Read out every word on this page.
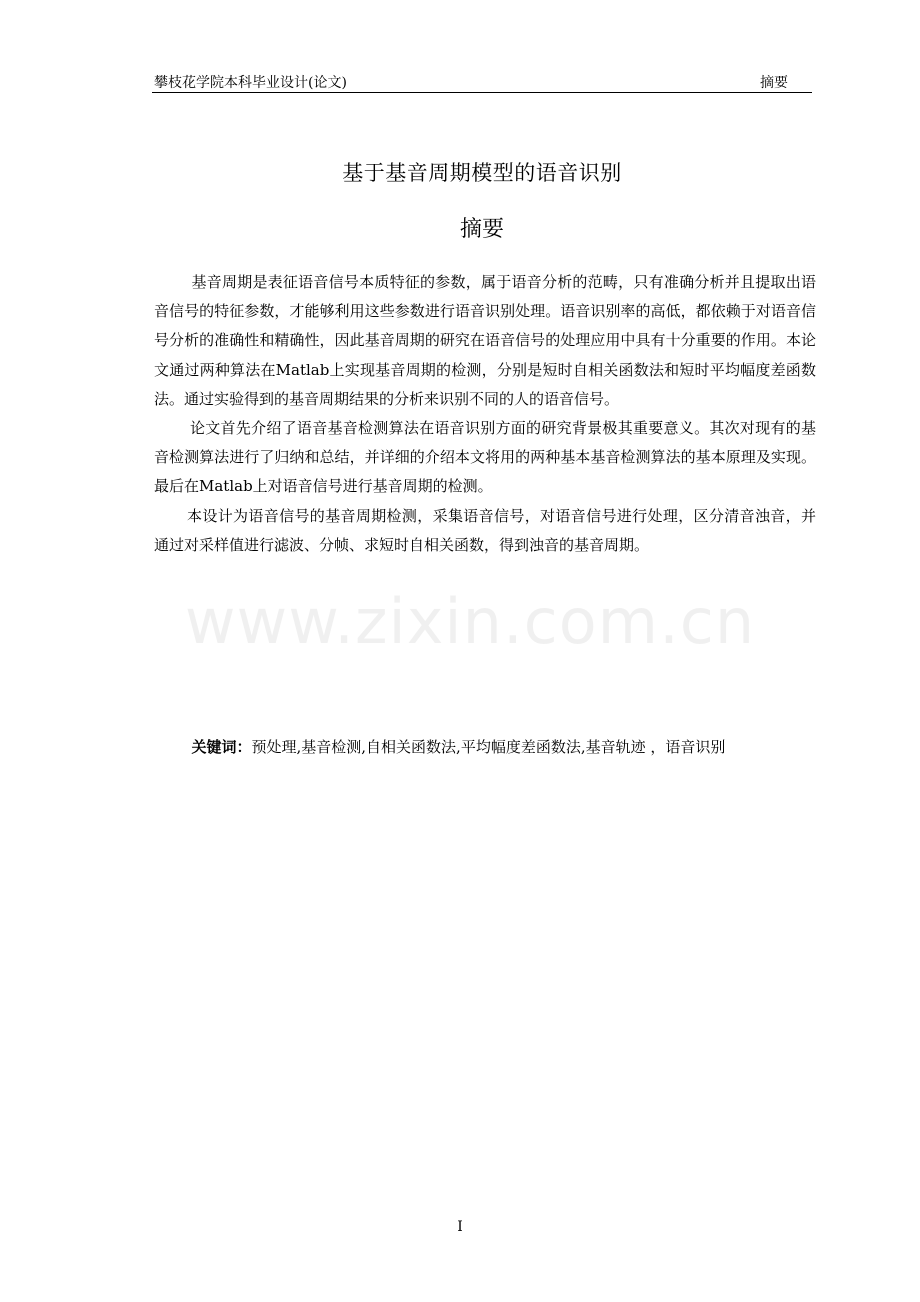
攀枝花学院本科毕业设计(论文)	摘要
基于基音周期模型的语音识别
摘要

基音周期是表征语音信号本质特征的参数，属于语音分析的范畴，只有准确分析并且提取出语音信号的特征参数，才能够利用这些参数进行语音识别处理。语音识别率的高低，都依赖于对语音信号分析的准确性和精确性，因此基音周期的研究在语音信号的处理应用中具有十分重要的作用。本论文通过两种算法在Matlab上实现基音周期的检测，分别是短时自相关函数法和短时平均幅度差函数法。通过实验得到的基音周期结果的分析来识别不同的人的语音信号。

论文首先介绍了语音基音检测算法在语音识别方面的研究背景极其重要意义。其次对现有的基音检测算法进行了归纳和总结，并详细的介绍本文将用的两种基本基音检测算法的基本原理及实现。最后在Matlab上对语音信号进行基音周期的检测。

本设计为语音信号的基音周期检测，采集语音信号，对语音信号进行处理，区分清音浊音，并通过对采样值进行滤波、分帧、求短时自相关函数，得到浊音的基音周期。

关键词：预处理,基音检测,自相关函数法,平均幅度差函数法,基音轨迹 ，语音识别
www.zixin.com.cn
I
